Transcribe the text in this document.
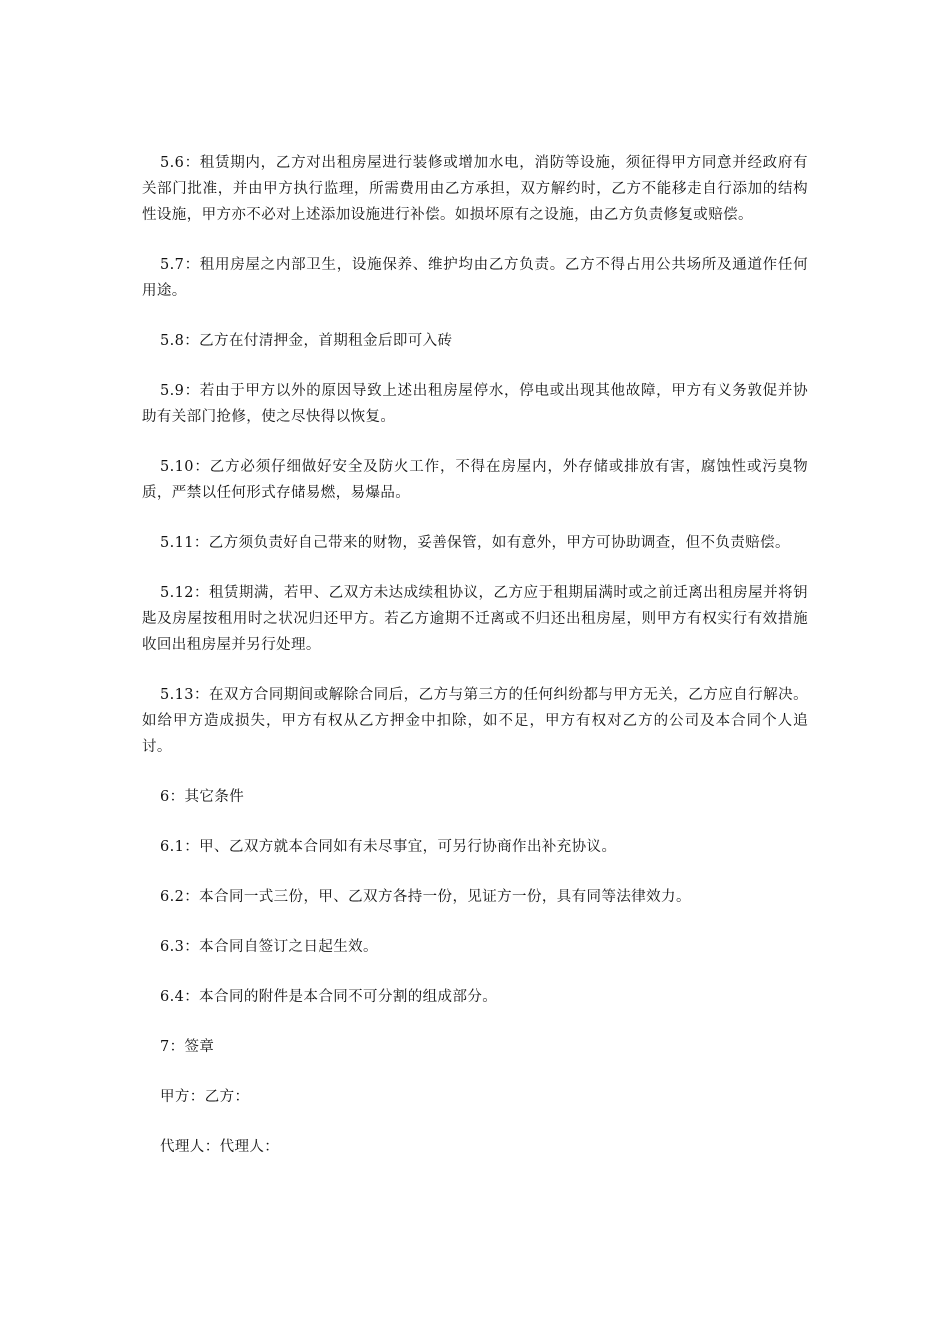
5.6：租赁期内，乙方对出租房屋进行装修或增加水电，消防等设施，须征得甲方同意并经政府有关部门批准，并由甲方执行监理，所需费用由乙方承担，双方解约时，乙方不能移走自行添加的结构性设施，甲方亦不必对上述添加设施进行补偿。如损坏原有之设施，由乙方负责修复或赔偿。

5.7：租用房屋之内部卫生，设施保养、维护均由乙方负责。乙方不得占用公共场所及通道作任何用途。

5.8：乙方在付清押金，首期租金后即可入砖

5.9：若由于甲方以外的原因导致上述出租房屋停水，停电或出现其他故障，甲方有义务敦促并协助有关部门抢修，使之尽快得以恢复。

5.10：乙方必须仔细做好安全及防火工作，不得在房屋内，外存储或排放有害，腐蚀性或污臭物质，严禁以任何形式存储易燃，易爆品。

5.11：乙方须负责好自己带来的财物，妥善保管，如有意外，甲方可协助调查，但不负责赔偿。

5.12：租赁期满，若甲、乙双方未达成续租协议，乙方应于租期届满时或之前迁离出租房屋并将钥匙及房屋按租用时之状况归还甲方。若乙方逾期不迁离或不归还出租房屋，则甲方有权实行有效措施收回出租房屋并另行处理。

5.13：在双方合同期间或解除合同后，乙方与第三方的任何纠纷都与甲方无关，乙方应自行解决。如给甲方造成损失，甲方有权从乙方押金中扣除，如不足，甲方有权对乙方的公司及本合同个人追讨。

6：其它条件

6.1：甲、乙双方就本合同如有未尽事宜，可另行协商作出补充协议。

6.2：本合同一式三份，甲、乙双方各持一份，见证方一份，具有同等法律效力。

6.3：本合同自签订之日起生效。

6.4：本合同的附件是本合同不可分割的组成部分。

7：签章

甲方：乙方：

代理人：代理人：
